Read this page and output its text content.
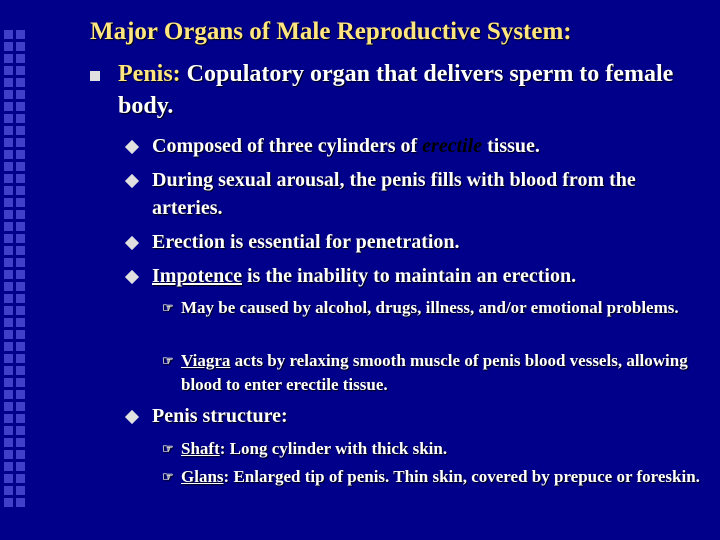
Major Organs of Male Reproductive System:
Penis: Copulatory organ that delivers sperm to female body.
Composed of three cylinders of erectile tissue.
During sexual arousal, the penis fills with blood from the arteries.
Erection is essential for penetration.
Impotence is the inability to maintain an erection.
☞ May be caused by alcohol, drugs, illness, and/or emotional problems.
☞ Viagra acts by relaxing smooth muscle of penis blood vessels, allowing blood to enter erectile tissue.
Penis structure:
☞ Shaft: Long cylinder with thick skin.
☞ Glans: Enlarged tip of penis. Thin skin, covered by prepuce or foreskin.
